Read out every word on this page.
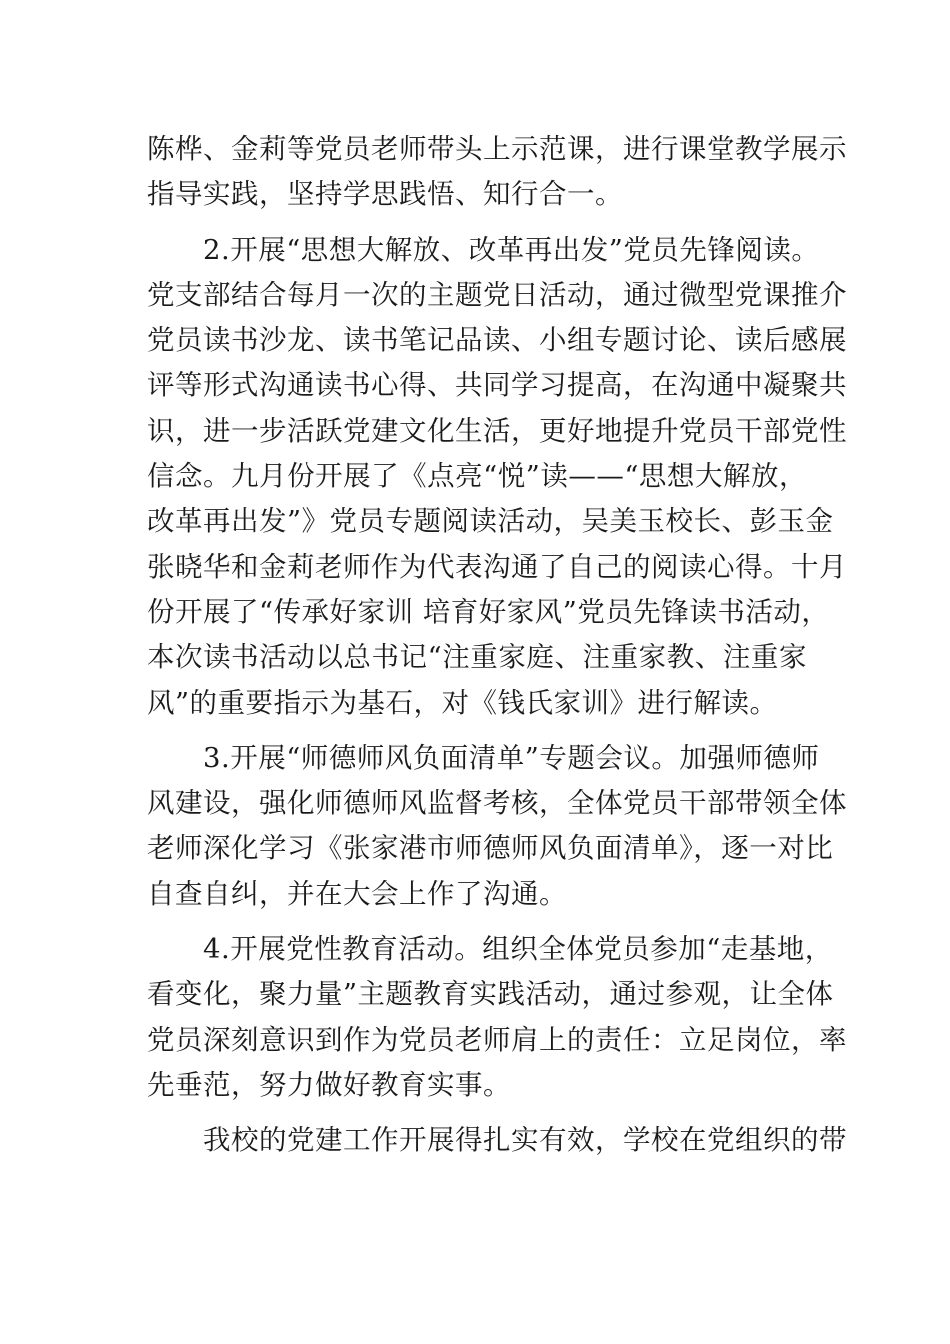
陈桦、金莉等党员老师带头上示范课，进行课堂教学展示
指导实践，坚持学思践悟、知行合一。
2.开展“思想大解放、改革再出发”党员先锋阅读。
党支部结合每月一次的主题党日活动，通过微型党课推介
党员读书沙龙、读书笔记品读、小组专题讨论、读后感展
评等形式沟通读书心得、共同学习提高，在沟通中凝聚共
识，进一步活跃党建文化生活，更好地提升党员干部党性
信念。九月份开展了《点亮“悦”读——“思想大解放，
改革再出发”》党员专题阅读活动，吴美玉校长、彭玉金
张晓华和金莉老师作为代表沟通了自己的阅读心得。十月
份开展了“传承好家训 培育好家风”党员先锋读书活动，
本次读书活动以总书记“注重家庭、注重家教、注重家
风”的重要指示为基石，对《钱氏家训》进行解读。
3.开展“师德师风负面清单”专题会议。加强师德师
风建设，强化师德师风监督考核，全体党员干部带领全体
老师深化学习《张家港市师德师风负面清单》，逐一对比
自查自纠，并在大会上作了沟通。
4.开展党性教育活动。组织全体党员参加“走基地，
看变化，聚力量”主题教育实践活动，通过参观，让全体
党员深刻意识到作为党员老师肩上的责任：立足岗位，率
先垂范，努力做好教育实事。
我校的党建工作开展得扎实有效，学校在党组织的带
